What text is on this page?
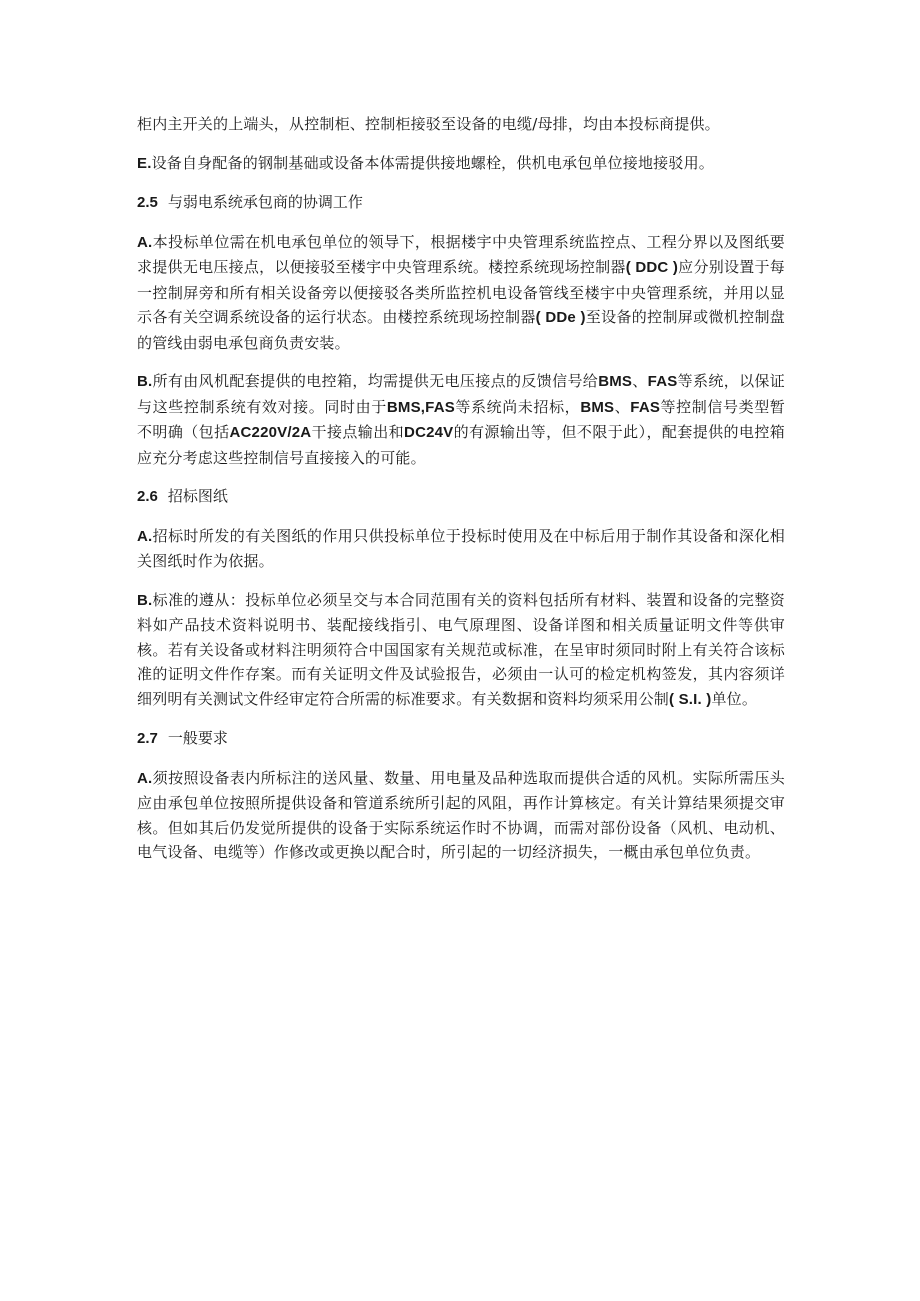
柜内主开关的上端头，从控制柜、控制柜接驳至设备的电缆/母排，均由本投标商提供。

E.设备自身配备的钢制基础或设备本体需提供接地螺栓，供机电承包单位接地接驳用。

2.5 与弱电系统承包商的协调工作

A.本投标单位需在机电承包单位的领导下，根据楼宇中央管理系统监控点、工程分界以及图纸要求提供无电压接点，以便接驳至楼宇中央管理系统。楼控系统现场控制器( DDC )应分别设置于每一控制屏旁和所有相关设备旁以便接驳各类所监控机电设备管线至楼宇中央管理系统，并用以显示各有关空调系统设备的运行状态。由楼控系统现场控制器( DDe )至设备的控制屏或微机控制盘的管线由弱电承包商负责安装。

B.所有由风机配套提供的电控箱，均需提供无电压接点的反馈信号给BMS、FAS等系统，以保证与这些控制系统有效对接。同时由于BMS,FAS等系统尚未招标，BMS、FAS等控制信号类型暂不明确（包括AC220V/2A干接点输出和DC24V的有源输出等，但不限于此），配套提供的电控箱应充分考虑这些控制信号直接接入的可能。

2.6 招标图纸

A.招标时所发的有关图纸的作用只供投标单位于投标时使用及在中标后用于制作其设备和深化相关图纸时作为依据。

B.标准的遵从：投标单位必须呈交与本合同范围有关的资料包括所有材料、装置和设备的完整资料如产品技术资料说明书、装配接线指引、电气原理图、设备详图和相关质量证明文件等供审核。若有关设备或材料注明须符合中国国家有关规范或标准，在呈审时须同时附上有关符合该标准的证明文件作存案。而有关证明文件及试验报告，必须由一认可的检定机构签发，其内容须详细列明有关测试文件经审定符合所需的标准要求。有关数据和资料均须采用公制( S.I. )单位。

2.7 一般要求

A.须按照设备表内所标注的送风量、数量、用电量及品种选取而提供合适的风机。实际所需压头应由承包单位按照所提供设备和管道系统所引起的风阻，再作计算核定。有关计算结果须提交审核。但如其后仍发觉所提供的设备于实际系统运作时不协调，而需对部份设备（风机、电动机、电气设备、电缆等）作修改或更换以配合时，所引起的一切经济损失，一概由承包单位负责。
